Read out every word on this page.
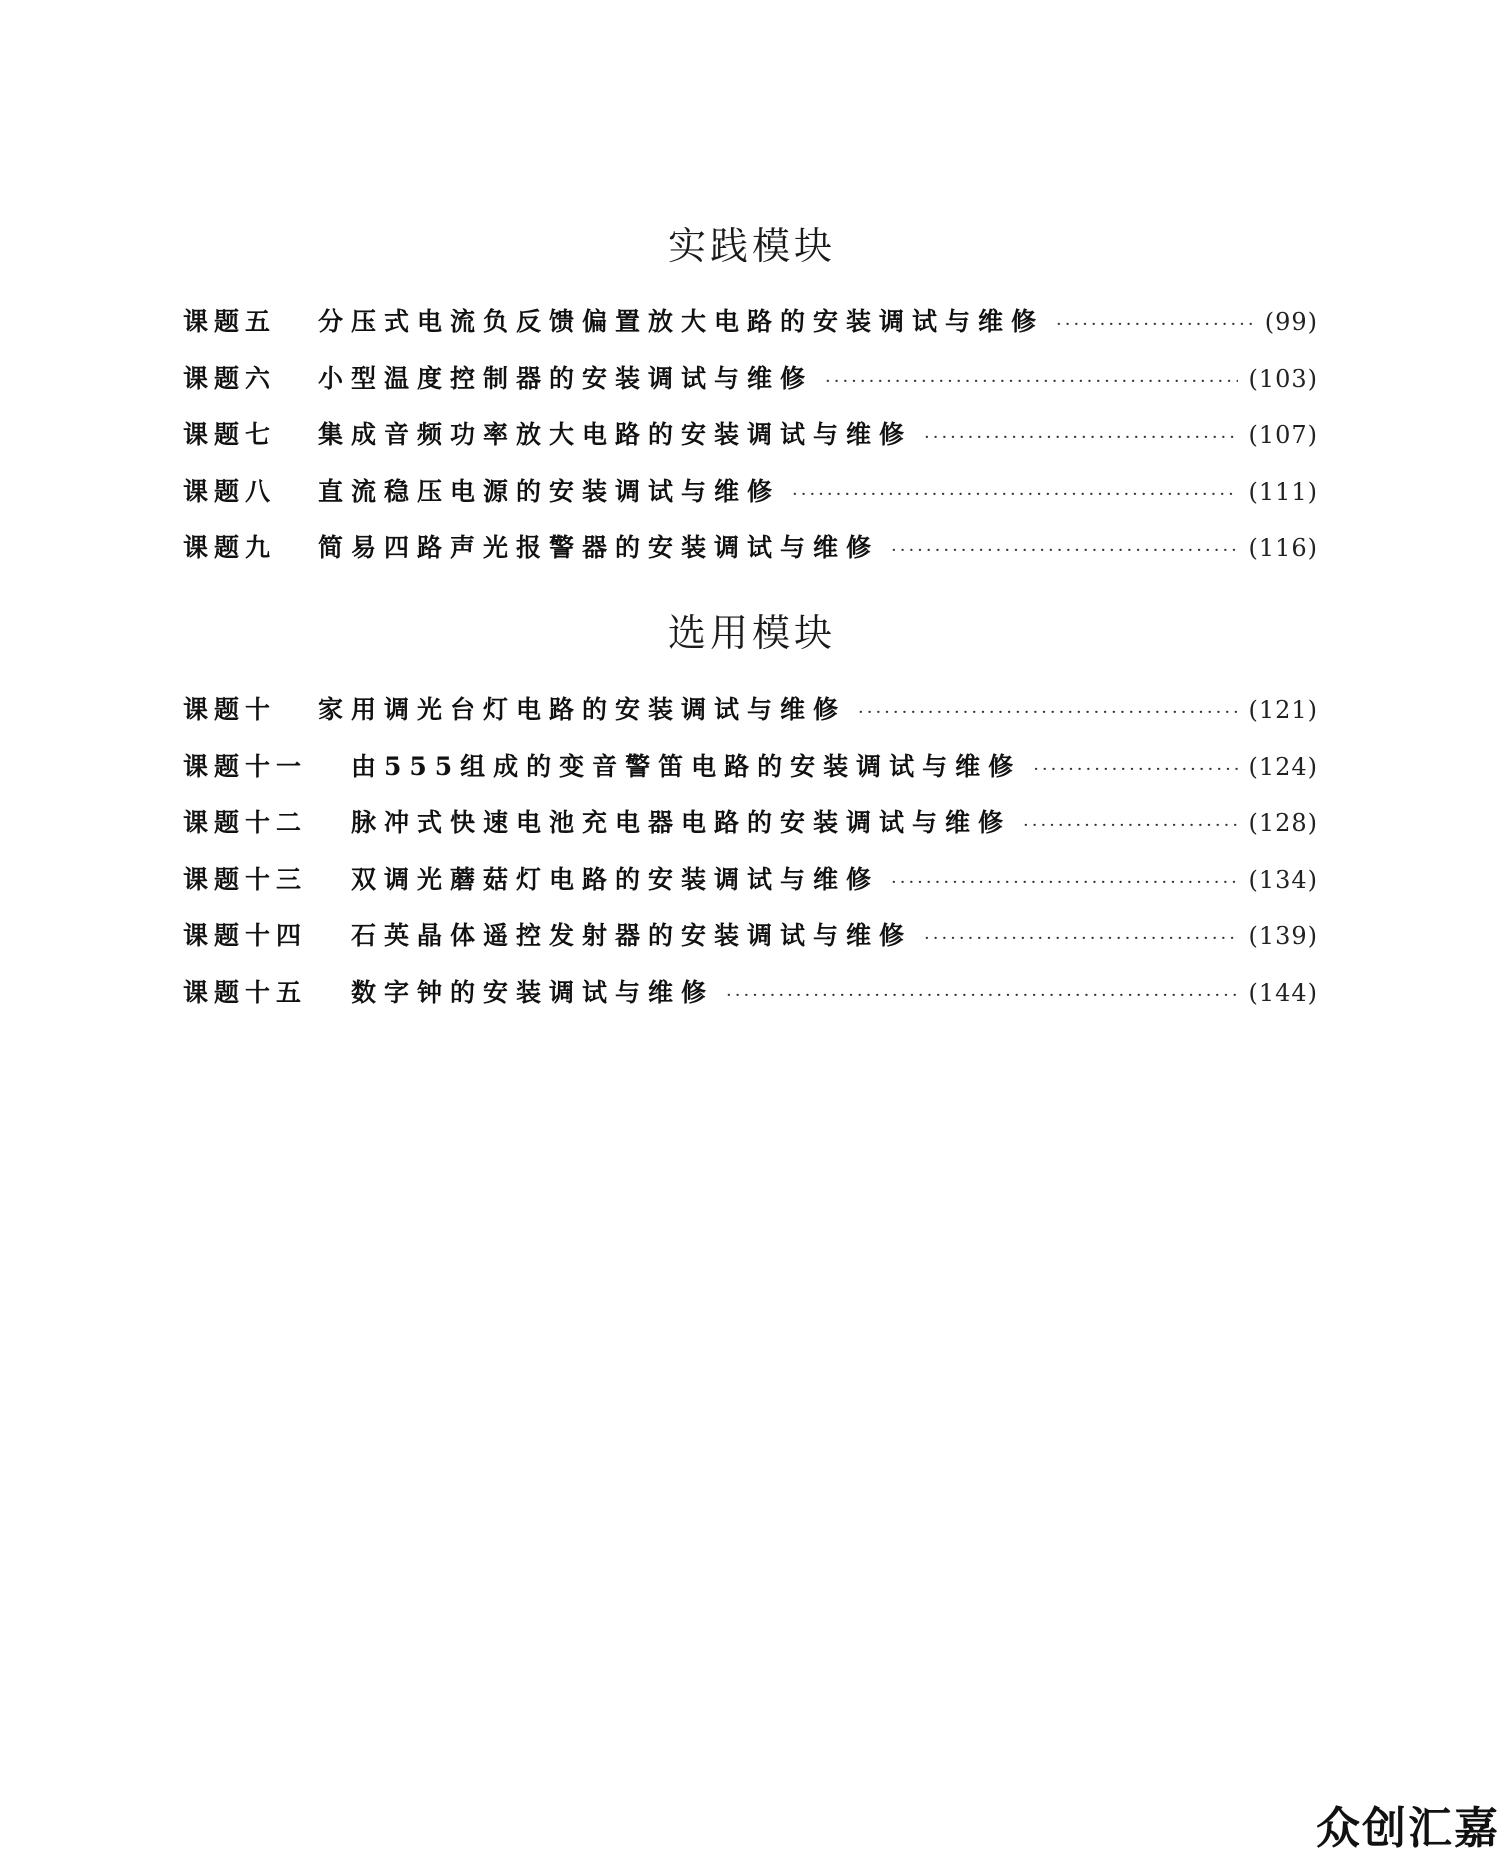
实践模块
课题五	分压式电流负反馈偏置放大电路的安装调试与维修 ·····	(99)
课题六	小型温度控制器的安装调试与维修 ·····	(103)
课题七	集成音频功率放大电路的安装调试与维修 ·····	(107)
课题八	直流稳压电源的安装调试与维修 ·····	(111)
课题九	简易四路声光报警器的安装调试与维修 ·····	(116)
选用模块
课题十	家用调光台灯电路的安装调试与维修 ·····	(121)
课题十一	由555组成的变音警笛电路的安装调试与维修 ·····	(124)
课题十二	脉冲式快速电池充电器电路的安装调试与维修 ·····	(128)
课题十三	双调光蘑菇灯电路的安装调试与维修 ·····	(134)
课题十四	石英晶体遥控发射器的安装调试与维修 ·····	(139)
课题十五	数字钟的安装调试与维修 ·····	(144)
众创汇嘉
